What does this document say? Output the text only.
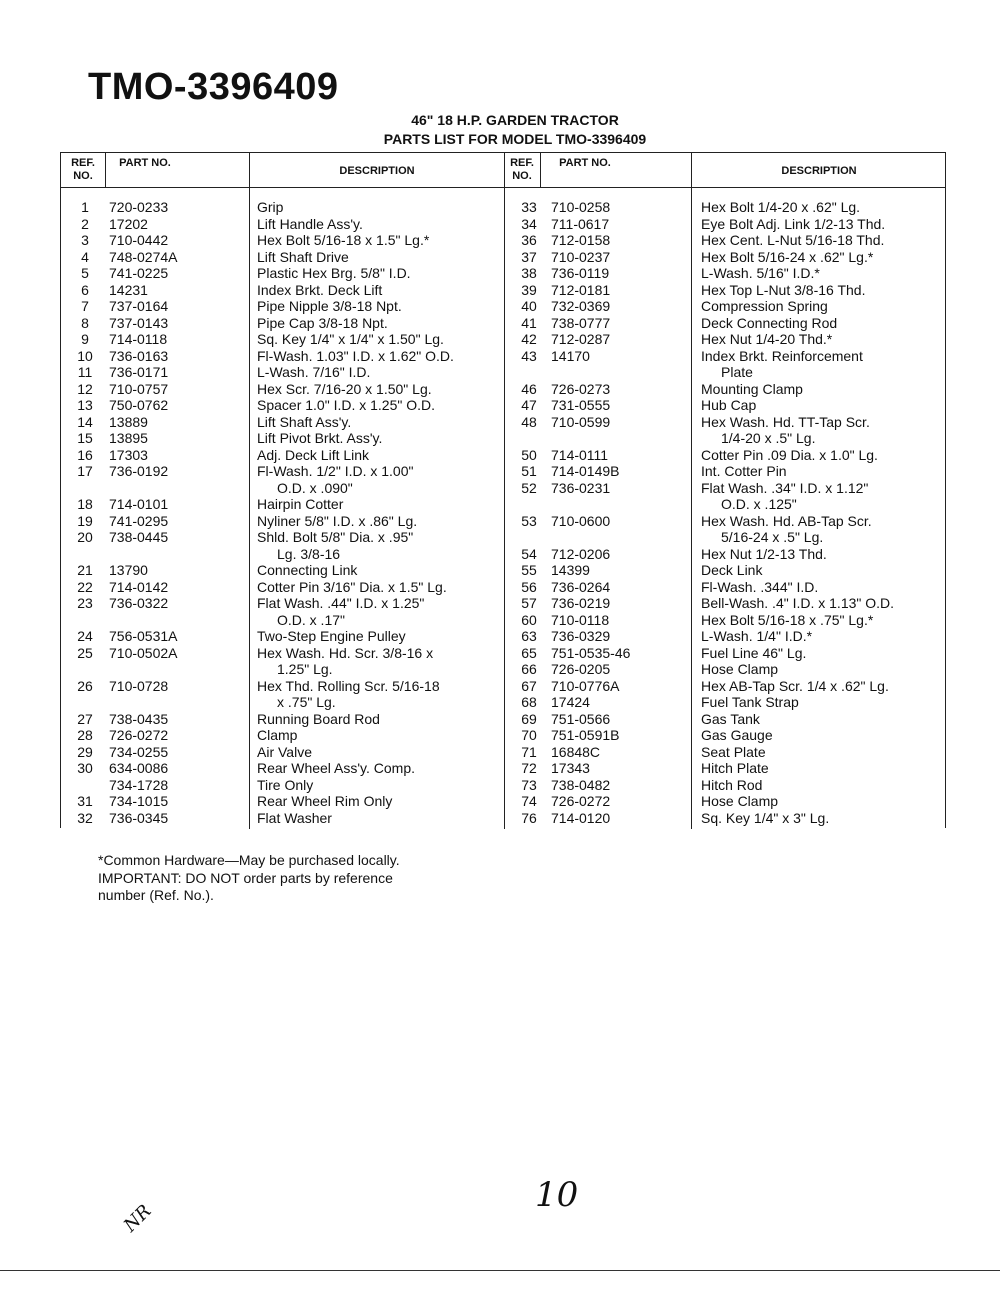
TMO-3396409
46" 18 H.P. GARDEN TRACTOR
PARTS LIST FOR MODEL TMO-3396409
REF. NO.
PART NO.
DESCRIPTION
REF. NO.
PART NO.
DESCRIPTION
1	720-0233	Grip
2	17202	Lift Handle Ass'y.
3	710-0442	Hex Bolt 5/16-18 x 1.5" Lg.*
4	748-0274A	Lift Shaft Drive
5	741-0225	Plastic Hex Brg. 5/8" I.D.
6	14231	Index Brkt. Deck Lift
7	737-0164	Pipe Nipple 3/8-18 Npt.
8	737-0143	Pipe Cap 3/8-18 Npt.
9	714-0118	Sq. Key 1/4" x 1/4" x 1.50" Lg.
10	736-0163	Fl-Wash. 1.03" I.D. x 1.62" O.D.
11	736-0171	L-Wash. 7/16" I.D.
12	710-0757	Hex Scr. 7/16-20 x 1.50" Lg.
13	750-0762	Spacer 1.0" I.D. x 1.25" O.D.
14	13889	Lift Shaft Ass'y.
15	13895	Lift Pivot Brkt. Ass'y.
16	17303	Adj. Deck Lift Link
17	736-0192	Fl-Wash. 1/2" I.D. x 1.00"
O.D. x .090"
18	714-0101	Hairpin Cotter
19	741-0295	Nyliner 5/8" I.D. x .86" Lg.
20	738-0445	Shld. Bolt 5/8" Dia. x .95"
Lg. 3/8-16
21	13790	Connecting Link
22	714-0142	Cotter Pin 3/16" Dia. x 1.5" Lg.
23	736-0322	Flat Wash. .44" I.D. x 1.25"
O.D. x .17"
24	756-0531A	Two-Step Engine Pulley
25	710-0502A	Hex Wash. Hd. Scr. 3/8-16 x
1.25" Lg.
26	710-0728	Hex Thd. Rolling Scr. 5/16-18
x .75" Lg.
27	738-0435	Running Board Rod
28	726-0272	Clamp
29	734-0255	Air Valve
30	634-0086	Rear Wheel Ass'y. Comp.
734-1728	Tire Only
31	734-1015	Rear Wheel Rim Only
32	736-0345	Flat Washer
33	710-0258	Hex Bolt 1/4-20 x .62" Lg.
34	711-0617	Eye Bolt Adj. Link 1/2-13 Thd.
36	712-0158	Hex Cent. L-Nut 5/16-18 Thd.
37	710-0237	Hex Bolt 5/16-24 x .62" Lg.*
38	736-0119	L-Wash. 5/16" I.D.*
39	712-0181	Hex Top L-Nut 3/8-16 Thd.
40	732-0369	Compression Spring
41	738-0777	Deck Connecting Rod
42	712-0287	Hex Nut 1/4-20 Thd.*
43	14170	Index Brkt. Reinforcement
Plate
46	726-0273	Mounting Clamp
47	731-0555	Hub Cap
48	710-0599	Hex Wash. Hd. TT-Tap Scr.
1/4-20 x .5" Lg.
50	714-0111	Cotter Pin .09 Dia. x 1.0" Lg.
51	714-0149B	Int. Cotter Pin
52	736-0231	Flat Wash. .34" I.D. x 1.12"
O.D. x .125"
53	710-0600	Hex Wash. Hd. AB-Tap Scr.
5/16-24 x .5" Lg.
54	712-0206	Hex Nut 1/2-13 Thd.
55	14399	Deck Link
56	736-0264	Fl-Wash. .344" I.D.
57	736-0219	Bell-Wash. .4" I.D. x 1.13" O.D.
60	710-0118	Hex Bolt 5/16-18 x .75" Lg.*
63	736-0329	L-Wash. 1/4" I.D.*
65	751-0535-46	Fuel Line 46" Lg.
66	726-0205	Hose Clamp
67	710-0776A	Hex AB-Tap Scr. 1/4 x .62" Lg.
68	17424	Fuel Tank Strap
69	751-0566	Gas Tank
70	751-0591B	Gas Gauge
71	16848C	Seat Plate
72	17343	Hitch Plate
73	738-0482	Hitch Rod
74	726-0272	Hose Clamp
76	714-0120	Sq. Key 1/4" x 3" Lg.
*Common Hardware—May be purchased locally.
IMPORTANT: DO NOT order parts by reference
number (Ref. No.).
10
NR
